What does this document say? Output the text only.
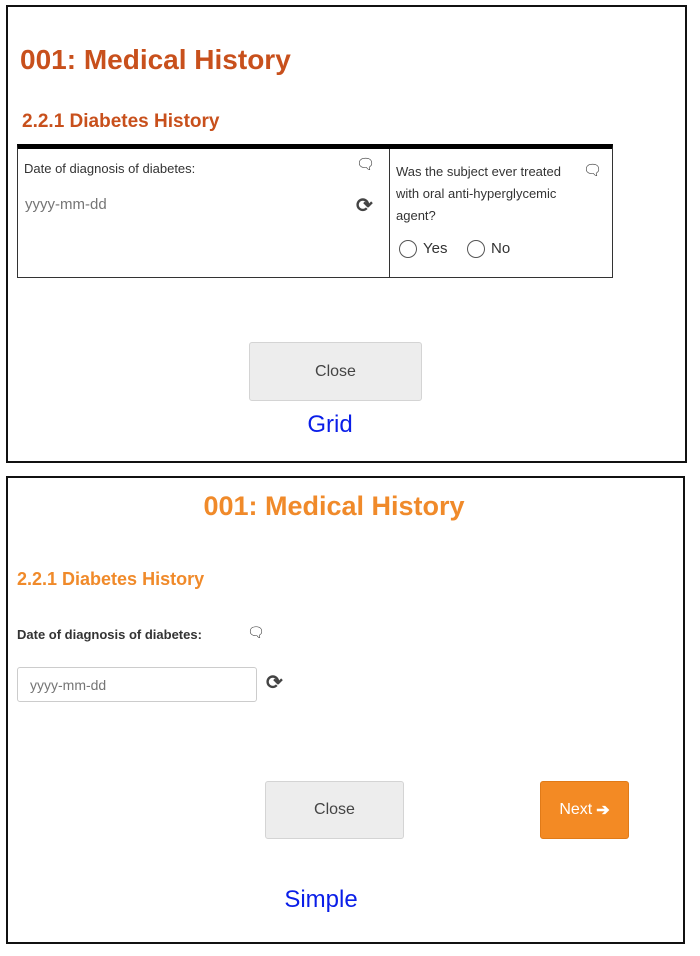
001: Medical History
2.2.1 Diabetes History
Date of diagnosis of diabetes:	🗨︎
yyyy-mm-dd
⟳
Was the subject ever treated with oral anti-hyperglycemic agent?
🗨︎
Yes	No
Close
Grid
001: Medical History
2.2.1 Diabetes History
Date of diagnosis of diabetes:	🗨︎
yyyy-mm-dd
⟳
Close	Next ➔
Simple
